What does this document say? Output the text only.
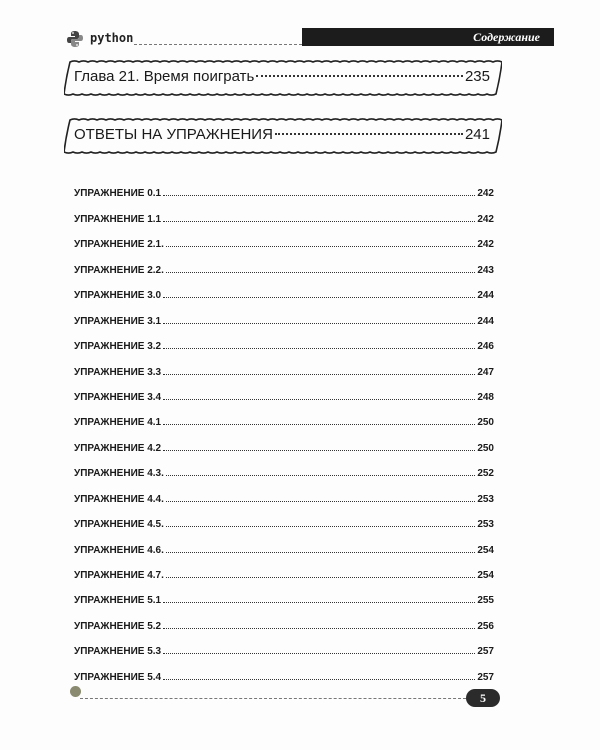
python	Содержание
Глава 21. Время поиграть	235
ОТВЕТЫ НА УПРАЖНЕНИЯ	241
УПРАЖНЕНИЕ 0.1	242
УПРАЖНЕНИЕ 1.1	242
УПРАЖНЕНИЕ 2.1.	242
УПРАЖНЕНИЕ 2.2.	243
УПРАЖНЕНИЕ 3.0	244
УПРАЖНЕНИЕ 3.1	244
УПРАЖНЕНИЕ 3.2	246
УПРАЖНЕНИЕ 3.3	247
УПРАЖНЕНИЕ 3.4	248
УПРАЖНЕНИЕ 4.1	250
УПРАЖНЕНИЕ 4.2	250
УПРАЖНЕНИЕ 4.3.	252
УПРАЖНЕНИЕ 4.4.	253
УПРАЖНЕНИЕ 4.5.	253
УПРАЖНЕНИЕ 4.6.	254
УПРАЖНЕНИЕ 4.7.	254
УПРАЖНЕНИЕ 5.1	255
УПРАЖНЕНИЕ 5.2	256
УПРАЖНЕНИЕ 5.3	257
УПРАЖНЕНИЕ 5.4	257
5
